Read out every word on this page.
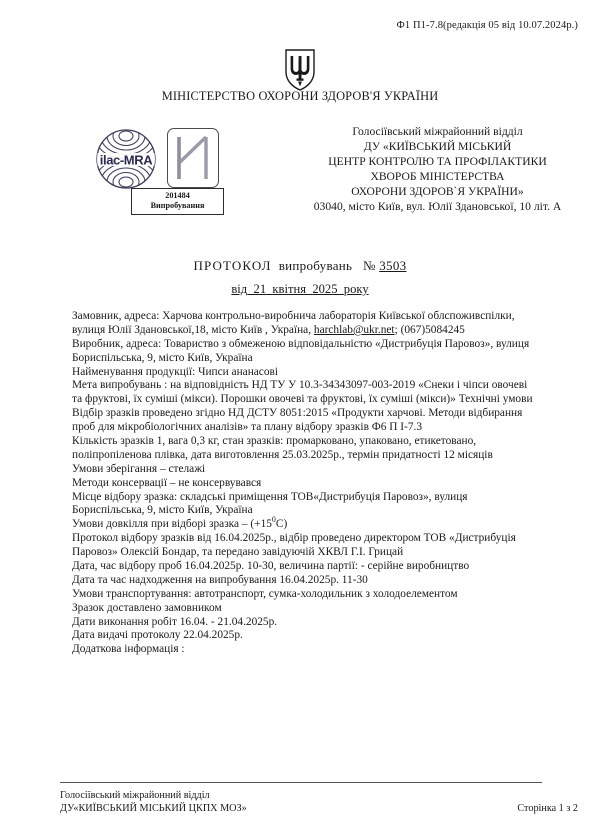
Ф1 П1-7.8(редакція 05 від 10.07.2024р.)
МІНІСТЕРСТВО ОХОРОНИ ЗДОРОВ'Я УКРАЇНИ
ilac-MRA
201484
Випробування
Голосіївський міжрайонний відділ
ДУ «КИЇВСЬКИЙ МІСЬКИЙ
ЦЕНТР КОНТРОЛЮ ТА ПРОФІЛАКТИКИ
ХВОРОБ МІНІСТЕРСТВА
ОХОРОНИ ЗДОРОВ`Я УКРАЇНИ»
03040, місто Київ, вул. Юлії Здановської, 10 літ. А
ПРОТОКОЛ випробувань № 3503
від 21 квітня 2025 року

Замовник, адреса: Харчова контрольно-виробнича лабораторія Київської облспоживспілки, вулиця Юлії Здановської,18, місто Київ , Україна, harchlab@ukr.net; (067)5084245

Виробник, адреса: Товариство з обмеженою відповідальністю «Дистрибуція Паровоз», вулиця Бориспільська, 9, місто Київ, Україна

Найменування продукції: Чипси ананасові

Мета випробувань : на відповідність НД ТУ У 10.3-34343097-003-2019 «Снеки і чіпси овочеві та фруктові, їх суміші (мікси). Порошки овочеві та фруктові, їх суміші (мікси)» Технічні умови

Відбір зразків проведено згідно НД ДСТУ 8051:2015 «Продукти харчові. Методи відбирання проб для мікробіологічних аналізів» та плану відбору зразків Ф6 П І-7.3

Кількість зразків 1, вага 0,3 кг, стан зразків: промарковано, упаковано, етикетовано, поліпропіленова плівка, дата виготовлення 25.03.2025р., термін придатності 12 місяців

Умови зберігання – стелажі

Методи консервації – не консервувався

Місце відбору зразка: складські приміщення ТОВ«Дистрибуція Паровоз», вулиця Бориспільська, 9, місто Київ, Україна

Умови довкілля при відборі зразка – $(+15^0С)$

Протокол відбору зразків від 16.04.2025р., відбір проведено директором ТОВ «Дистрибуція Паровоз» Олексій Бондар, та передано завідуючій ХКВЛ Г.І. Грицай

Дата, час відбору проб 16.04.2025р. 10-30, величина партії: - серійне виробництво

Дата та час надходження на випробування 16.04.2025р. 11-30

Умови транспортування: автотранспорт, сумка-холодильник з холодоелементом

Зразок доставлено замовником

Дати виконання робіт 16.04. - 21.04.2025р.

Дата видачі протоколу 22.04.2025р.

Додаткова інформація :

Голосіївський міжрайонний відділ
ДУ«КИЇВСЬКИЙ МІСЬКИЙ ЦКПХ МОЗ»	Сторінка 1 з 2
